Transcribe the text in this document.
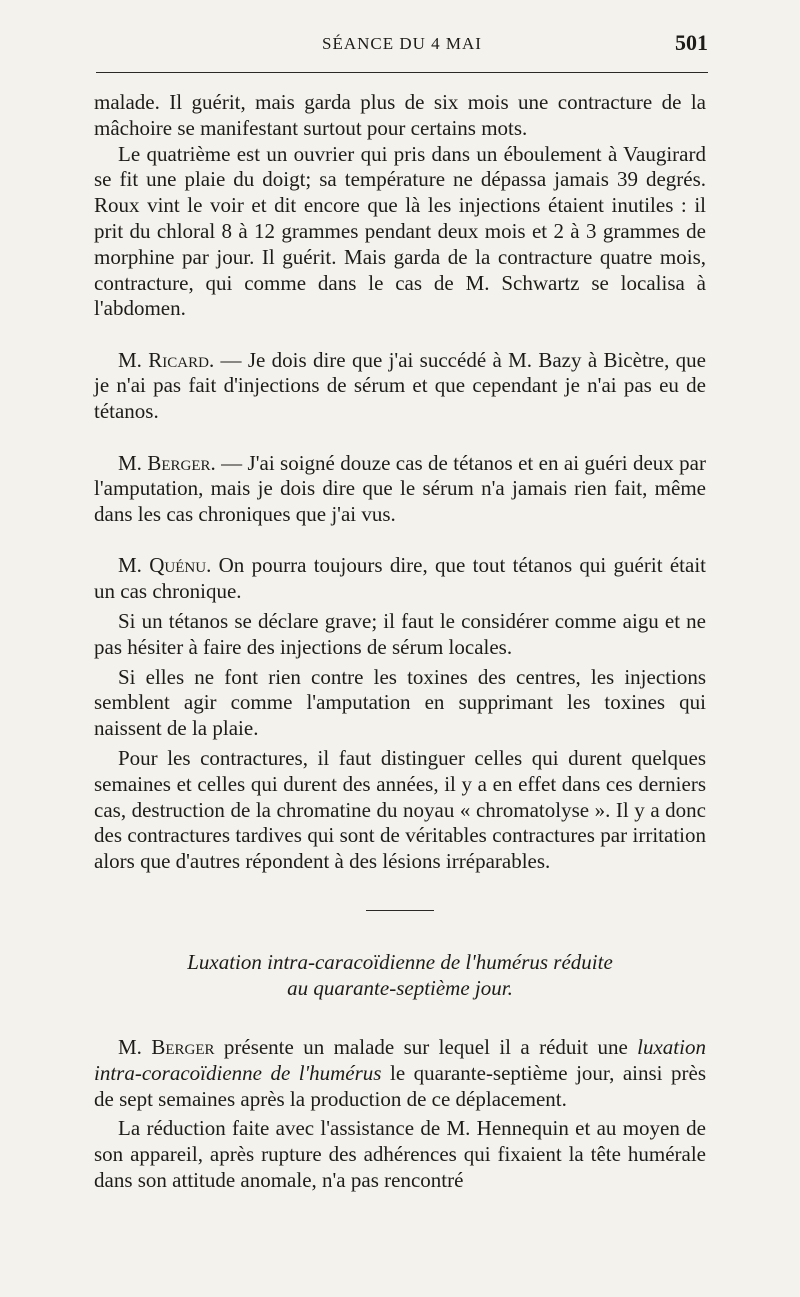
SÉANCE DU 4 MAI	501

malade. Il guérit, mais garda plus de six mois une contracture de la mâchoire se manifestant surtout pour certains mots.

Le quatrième est un ouvrier qui pris dans un éboulement à Vaugirard se fit une plaie du doigt; sa température ne dépassa jamais 39 degrés. Roux vint le voir et dit encore que là les injections étaient inutiles : il prit du chloral 8 à 12 grammes pendant deux mois et 2 à 3 grammes de morphine par jour. Il guérit. Mais garda de la contracture quatre mois, contracture, qui comme dans le cas de M. Schwartz se localisa à l'abdomen.

M. Ricard. — Je dois dire que j'ai succédé à M. Bazy à Bicètre, que je n'ai pas fait d'injections de sérum et que cependant je n'ai pas eu de tétanos.

M. Berger. — J'ai soigné douze cas de tétanos et en ai guéri deux par l'amputation, mais je dois dire que le sérum n'a jamais rien fait, même dans les cas chroniques que j'ai vus.

M. Quénu. On pourra toujours dire, que tout tétanos qui guérit était un cas chronique.

Si un tétanos se déclare grave; il faut le considérer comme aigu et ne pas hésiter à faire des injections de sérum locales.

Si elles ne font rien contre les toxines des centres, les injections semblent agir comme l'amputation en supprimant les toxines qui naissent de la plaie.

Pour les contractures, il faut distinguer celles qui durent quelques semaines et celles qui durent des années, il y a en effet dans ces derniers cas, destruction de la chromatine du noyau « chromatolyse ». Il y a donc des contractures tardives qui sont de véritables contractures par irritation alors que d'autres répondent à des lésions irréparables.

Luxation intra-caracoïdienne de l'humérus réduite
au quarante-septième jour.

M. Berger présente un malade sur lequel il a réduit une luxation intra-coracoïdienne de l'humérus le quarante-septième jour, ainsi près de sept semaines après la production de ce déplacement.

La réduction faite avec l'assistance de M. Hennequin et au moyen de son appareil, après rupture des adhérences qui fixaient la tête humérale dans son attitude anomale, n'a pas rencontré
